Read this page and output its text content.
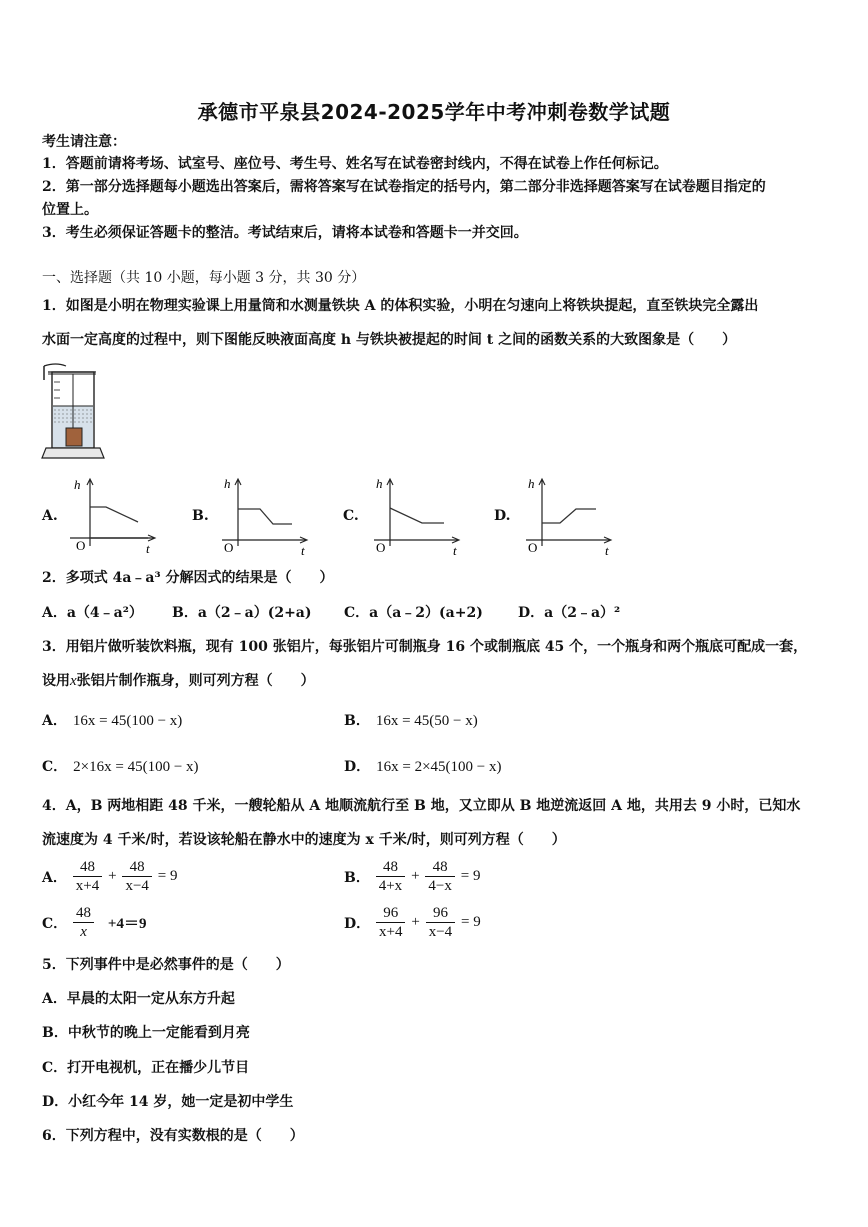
承德市平泉县2024-2025学年中考冲刺卷数学试题
考生请注意：
1．答题前请将考场、试室号、座位号、考生号、姓名写在试卷密封线内，不得在试卷上作任何标记。
2．第一部分选择题每小题选出答案后，需将答案写在试卷指定的括号内，第二部分非选择题答案写在试卷题目指定的
位置上。
3．考生必须保证答题卡的整洁。考试结束后，请将本试卷和答题卡一并交回。
一、选择题（共 10 小题，每小题 3 分，共 30 分）
1．如图是小明在物理实验课上用量筒和水测量铁块 A 的体积实验，小明在匀速向上将铁块提起，直至铁块完全露出
水面一定高度的过程中，则下图能反映液面高度 h 与铁块被提起的时间 t 之间的函数关系的大致图象是（　　）
A.
h
O	t
B.
h
O	t
C.
h
O	t
D.
h
O	t
2．多项式 4a﹣a³ 分解因式的结果是（　　）
A．a（4﹣a²） B．a（2﹣a）(2+a) C．a（a﹣2）(a+2)	D．a（2﹣a）²
3．用铝片做听装饮料瓶，现有 100 张铝片，每张铝片可制瓶身 16 个或制瓶底 45 个，一个瓶身和两个瓶底可配成一套，
设用x张铝片制作瓶身，则可列方程（　　）
A． 16x = 45(100 − x)	B． 16x = 45(50 − x)
C． 2×16x = 45(100 − x)	D． 16x = 2×45(100 − x)
4．A，B 两地相距 48 千米，一艘轮船从 A 地顺流航行至 B 地，又立即从 B 地逆流返回 A 地，共用去 9 小时，已知水
流速度为 4 千米/时，若设该轮船在静水中的速度为 x 千米/时，则可列方程（　　）
A． $\frac{48}{x+4} + \frac{48}{x-4} = 9$	B． $\frac{48}{4+x} + \frac{48}{4-x} = 9$
C． $\frac{48}{x} +4=9$	D． $\frac{96}{x+4} + \frac{96}{x-4} = 9$
5．下列事件中是必然事件的是（　　）
A．早晨的太阳一定从东方升起
B．中秋节的晚上一定能看到月亮
C．打开电视机，正在播少儿节目
D．小红今年 14 岁，她一定是初中学生
6．下列方程中，没有实数根的是（　　）
